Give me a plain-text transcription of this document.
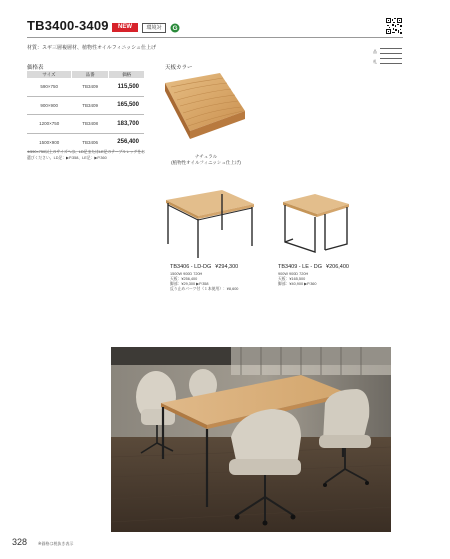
TB3400-3409	NEW	環境対	G
材質：スギ三層複層材、植物性オイルフィニッシュ仕上げ
品
札
価格表
サイズ	品番	価格
590×750	TB3409	115,500
900×900	TB3409	165,500
1200×750	TB3408	183,700
1500×900	TB3406	256,400
※590×750以上のサイズへは、LD足またはLE足のテーブルレッグをお選びください。LD足：▶P.358、LE足：▶P.360
天板カラー
ナチュラル
(植物性オイルフィニッシュ仕上げ)
TB3406 - LD-DG ¥294,300
1500W 900D 720H
天板：¥256,400
脚部：¥29,300 ▶P.358
反り止めパーツ付（１本使用）：¥8,600
TB3409 - LE - DG ¥206,400
900W 900D 720H
天板：¥165,500
脚部：¥40,900 ▶P.360
328	※価格は税抜き表示
